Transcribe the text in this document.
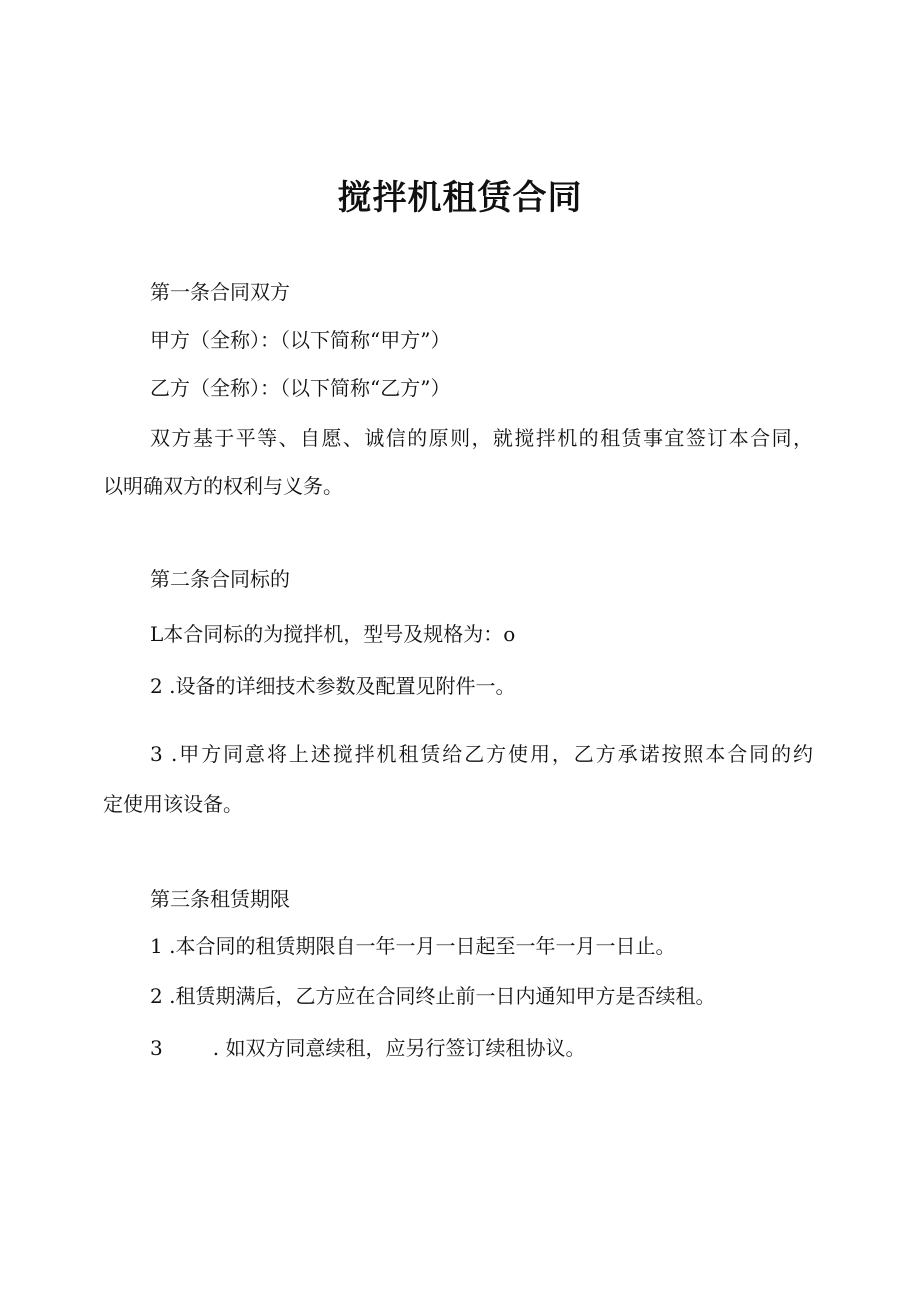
搅拌机租赁合同

第一条合同双方

甲方（全称）：（以下简称“甲方”）

乙方（全称）：（以下简称“乙方”）

双方基于平等、自愿、诚信的原则，就搅拌机的租赁事宜签订本合同，

以明确双方的权利与义务。

第二条合同标的

L本合同标的为搅拌机，型号及规格为：o

2 .设备的详细技术参数及配置见附件一。

3 .甲方同意将上述搅拌机租赁给乙方使用，乙方承诺按照本合同的约

定使用该设备。

第三条租赁期限

1 .本合同的租赁期限自一年一月一日起至一年一月一日止。

2 .租赁期满后，乙方应在合同终止前一日内通知甲方是否续租。

3	. 如双方同意续租，应另行签订续租协议。
